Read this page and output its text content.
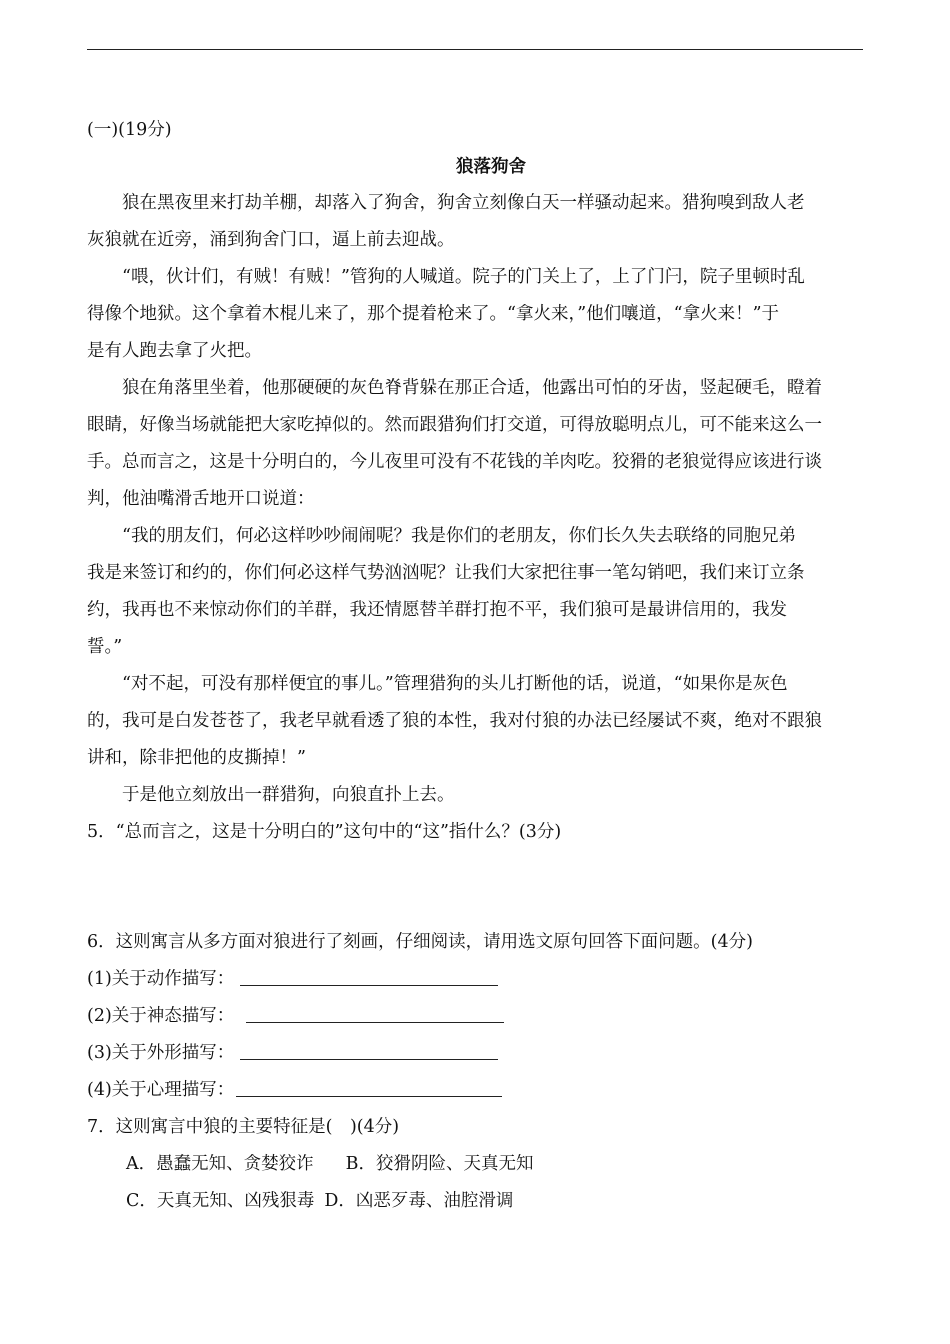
(一)(19分)
狼落狗舍
狼在黑夜里来打劫羊棚，却落入了狗舍，狗舍立刻像白天一样骚动起来。猎狗嗅到敌人老
灰狼就在近旁，涌到狗舍门口，逼上前去迎战。
“喂，伙计们，有贼！有贼！”管狗的人喊道。院子的门关上了，上了门闩，院子里顿时乱
得像个地狱。这个拿着木棍儿来了，那个提着枪来了。“拿火来，”他们嚷道，“拿火来！”于
是有人跑去拿了火把。
狼在角落里坐着，他那硬硬的灰色脊背躲在那正合适，他露出可怕的牙齿，竖起硬毛，瞪着
眼睛，好像当场就能把大家吃掉似的。然而跟猎狗们打交道，可得放聪明点儿，可不能来这么一
手。总而言之，这是十分明白的，今儿夜里可没有不花钱的羊肉吃。狡猾的老狼觉得应该进行谈
判，他油嘴滑舌地开口说道：
“我的朋友们，何必这样吵吵闹闹呢？我是你们的老朋友，你们长久失去联络的同胞兄弟
我是来签订和约的，你们何必这样气势汹汹呢？让我们大家把往事一笔勾销吧，我们来订立条
约，我再也不来惊动你们的羊群，我还情愿替羊群打抱不平，我们狼可是最讲信用的，我发
誓。”
“对不起，可没有那样便宜的事儿。”管理猎狗的头儿打断他的话，说道，“如果你是灰色
的，我可是白发苍苍了，我老早就看透了狼的本性，我对付狼的办法已经屡试不爽，绝对不跟狼
讲和，除非把他的皮撕掉！”
于是他立刻放出一群猎狗，向狼直扑上去。
5．“总而言之，这是十分明白的”这句中的“这”指什么？(3分)
6．这则寓言从多方面对狼进行了刻画，仔细阅读，请用选文原句回答下面问题。(4分)
(1)关于动作描写：
(2)关于神态描写：
(3)关于外形描写：
(4)关于心理描写：
7．这则寓言中狼的主要特征是(　)(4分)
A．愚蠢无知、贪婪狡诈 B．狡猾阴险、天真无知
C．天真无知、凶残狠毒 D．凶恶歹毒、油腔滑调
